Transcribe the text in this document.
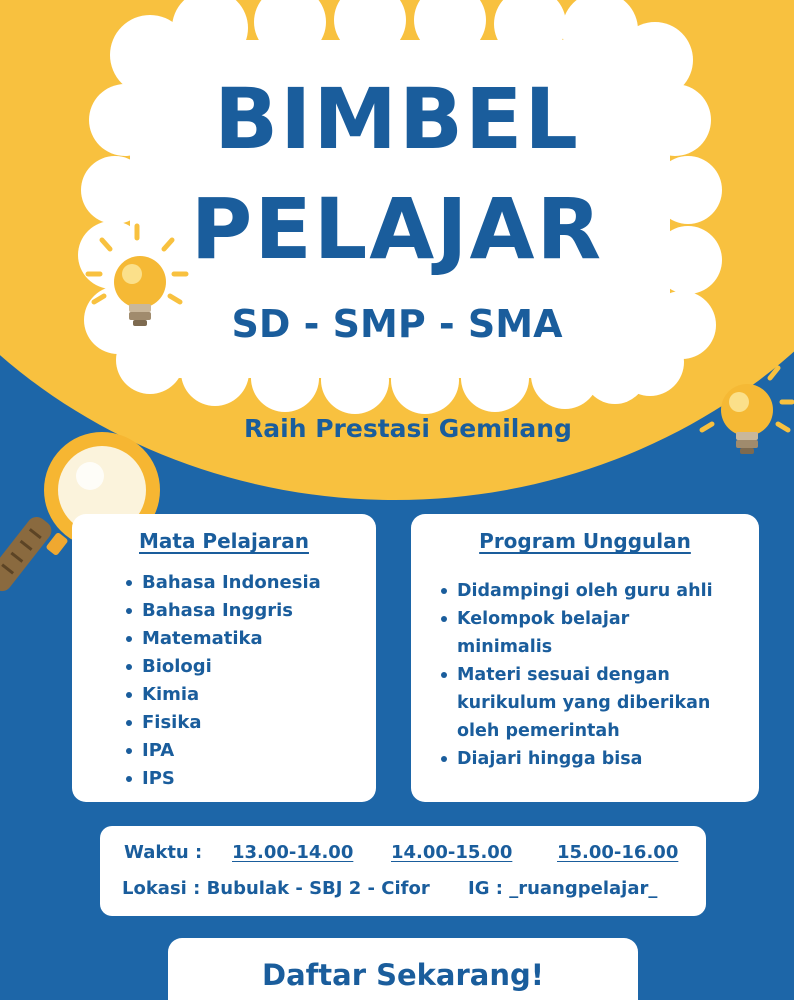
BIMBEL
PELAJAR
SD - SMP - SMA
Raih Prestasi Gemilang
Mata Pelajaran
Bahasa Indonesia
Bahasa Inggris
Matematika
Biologi
Kimia
Fisika
IPA
IPS
Program Unggulan
Didampingi oleh guru ahli
Kelompok belajar
minimalis
Materi sesuai dengan
kurikulum yang diberikan
oleh pemerintah
Diajari hingga bisa
Waktu : 13.00-14.00 14.00-15.00 15.00-16.00
Lokasi : Bubulak - SBJ 2 - Cifor IG : _ruangpelajar_
Daftar Sekarang!
